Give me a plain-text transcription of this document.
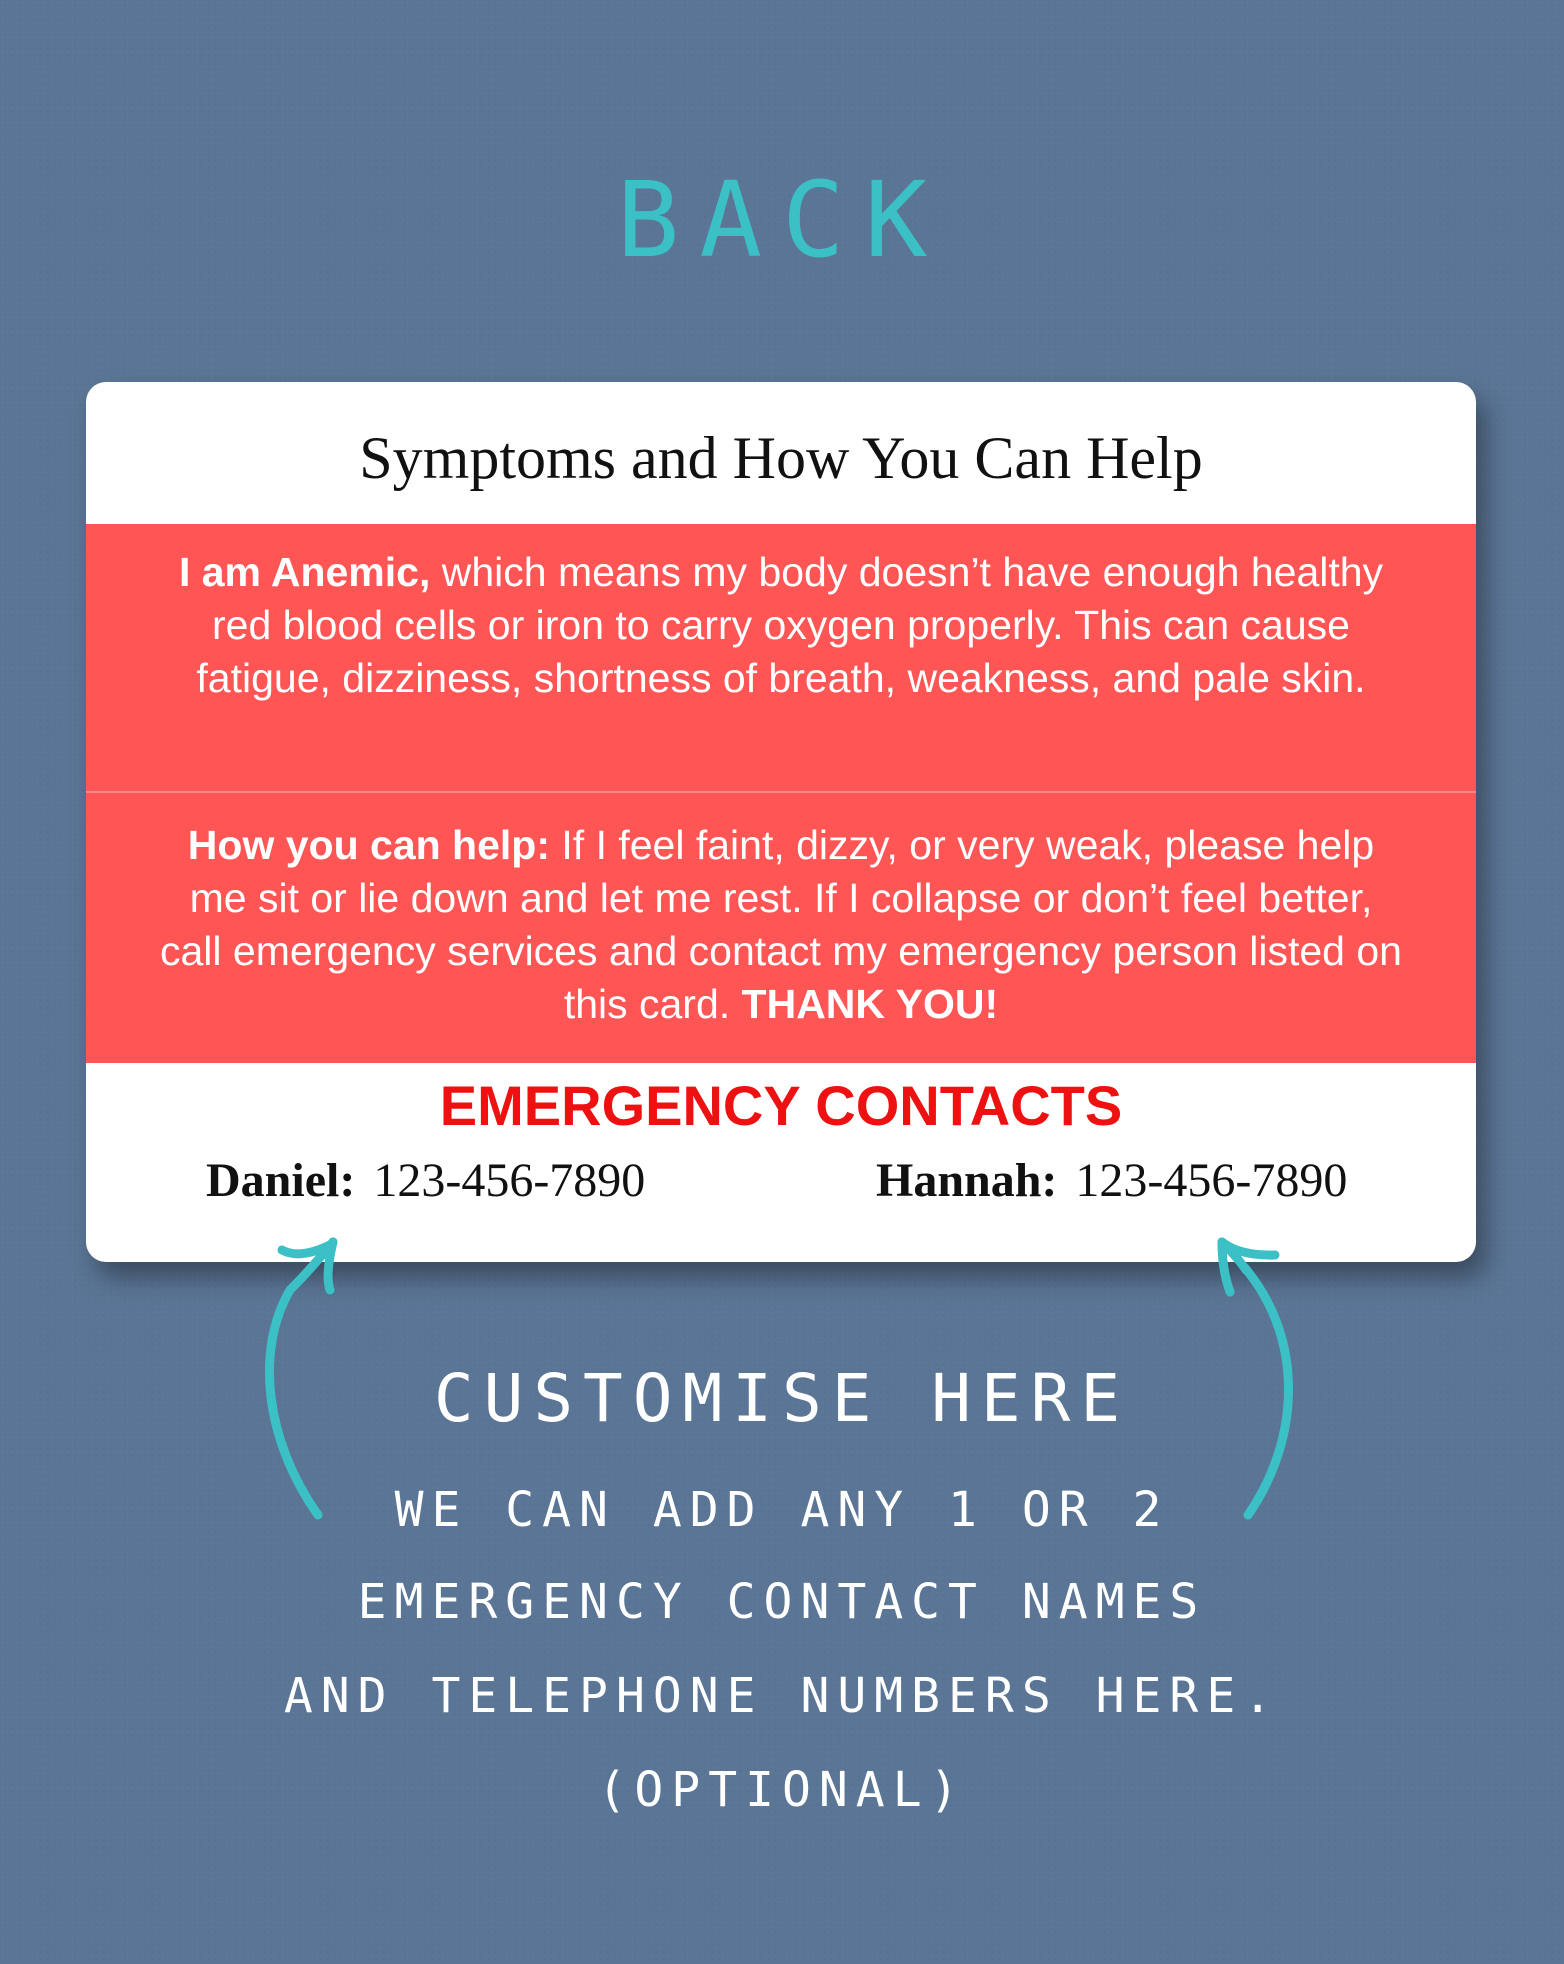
BACK
Symptoms and How You Can Help
I am Anemic, which means my body doesn’t have enough healthy red blood cells or iron to carry oxygen properly. This can cause fatigue, dizziness, shortness of breath, weakness, and pale skin.
How you can help: If I feel faint, dizzy, or very weak, please help me sit or lie down and let me rest. If I collapse or don’t feel better, call emergency services and contact my emergency person listed on this card. THANK YOU!
EMERGENCY CONTACTS
Daniel: 123-456-7890	Hannah: 123-456-7890
CUSTOMISE HERE
WE CAN ADD ANY 1 OR 2
EMERGENCY CONTACT NAMES
AND TELEPHONE NUMBERS HERE.
(OPTIONAL)
